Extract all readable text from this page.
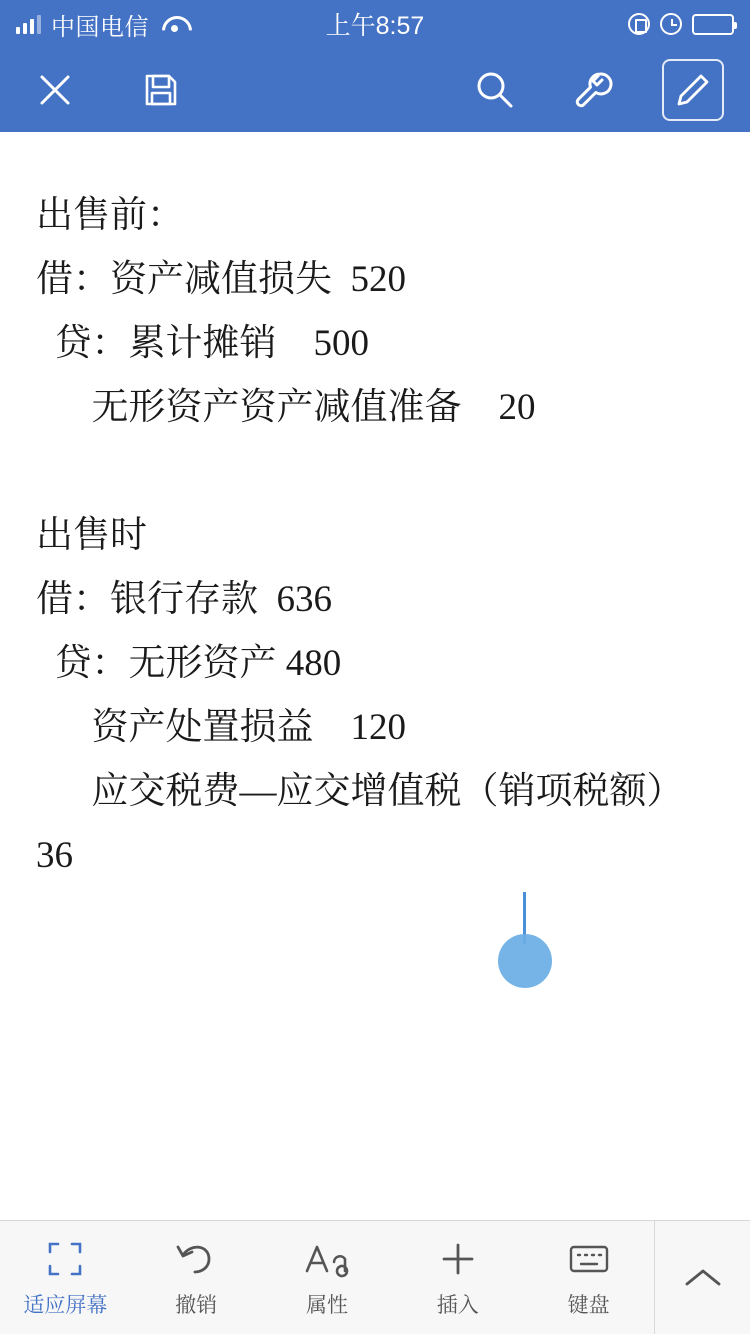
中国电信	上午8:57

出售前：

借：资产减值损失  520

贷：累计摊销    500

无形资产资产减值准备    20

出售时

借：银行存款  636

贷：无形资产 480

资产处置损益    120

应交税费—应交增值税（销项税额）    36

适应屏幕	撤销	属性	插入	键盘
